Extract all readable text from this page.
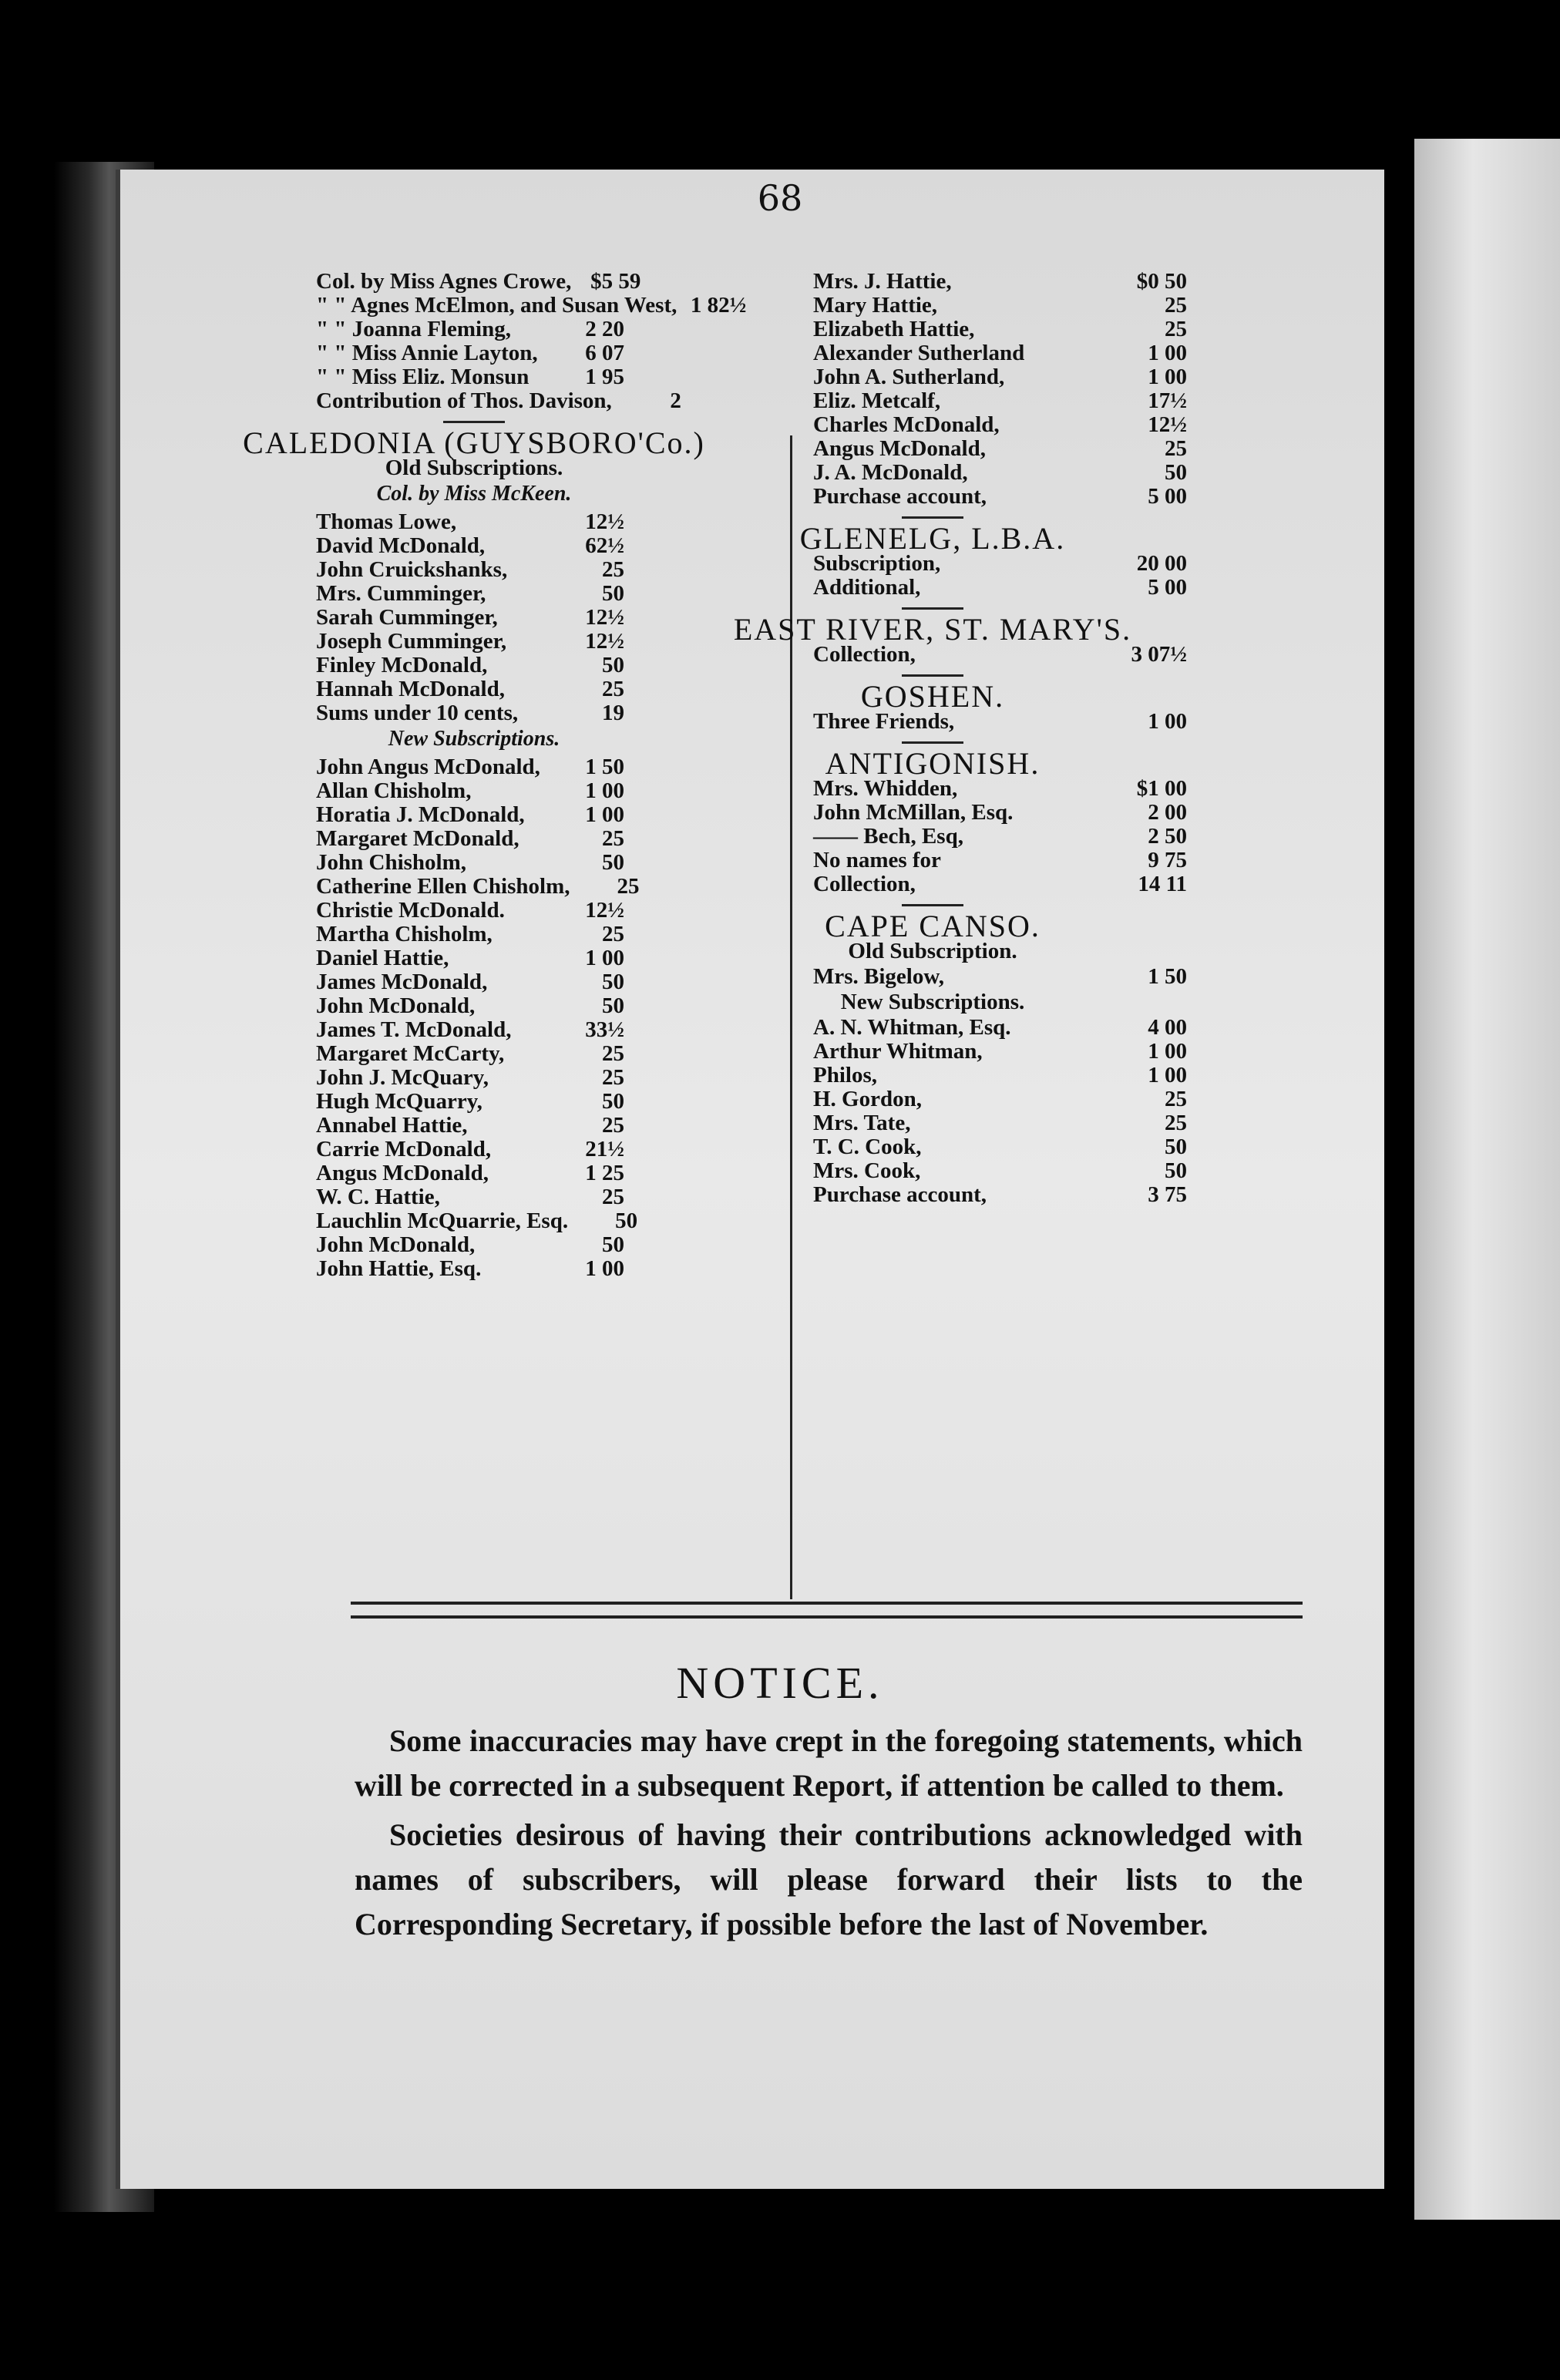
68
Col. by Miss Agnes Crowe, $5 59
" " Agnes McElmon, and Susan West, 1 82½
" " Joanna Fleming,	2 20
" " Miss Annie Layton,	6 07
" " Miss Eliz. Monsun	1 95
Contribution of Thos. Davison,	2
CALEDONIA (GUYSBORO'Co.)
Old Subscriptions.
Col. by Miss McKeen.
Thomas Lowe,	12½
David McDonald,	62½
John Cruickshanks,	25
Mrs. Cumminger,	50
Sarah Cumminger,	12½
Joseph Cumminger,	12½
Finley McDonald,	50
Hannah McDonald,	25
Sums under 10 cents,	19
New Subscriptions.
John Angus McDonald,	1 50
Allan Chisholm,	1 00
Horatia J. McDonald,	1 00
Margaret McDonald,	25
John Chisholm,	50
Catherine Ellen Chisholm,	25
Christie McDonald.	12½
Martha Chisholm,	25
Daniel Hattie,	1 00
James McDonald,	50
John McDonald,	50
James T. McDonald,	33½
Margaret McCarty,	25
John J. McQuary,	25
Hugh McQuarry,	50
Annabel Hattie,	25
Carrie McDonald,	21½
Angus McDonald,	1 25
W. C. Hattie,	25
Lauchlin McQuarrie, Esq.	50
John McDonald,	50
John Hattie, Esq.	1 00
Mrs. J. Hattie,	$0 50
Mary Hattie,	25
Elizabeth Hattie,	25
Alexander Sutherland	1 00
John A. Sutherland,	1 00
Eliz. Metcalf,	17½
Charles McDonald,	12½
Angus McDonald,	25
J. A. McDonald,	50
Purchase account,	5 00
GLENELG, L.B.A.
Subscription,	20 00
Additional,	5 00
EAST RIVER, ST. MARY'S.
Collection,	3 07½
GOSHEN.
Three Friends,	1 00
ANTIGONISH.
Mrs. Whidden,	$1 00
John McMillan, Esq.	2 00
—— Bech, Esq,	2 50
No names for	9 75
Collection,	14 11
CAPE CANSO.
Old Subscription.
Mrs. Bigelow,	1 50
New Subscriptions.
A. N. Whitman, Esq.	4 00
Arthur Whitman,	1 00
Philos,	1 00
H. Gordon,	25
Mrs. Tate,	25
T. C. Cook,	50
Mrs. Cook,	50
Purchase account,	3 75
NOTICE.

Some inaccuracies may have crept in the foregoing statements, which will be corrected in a subsequent Report, if attention be called to them.

Societies desirous of having their contributions acknowledged with names of subscribers, will please forward their lists to the Corresponding Secretary, if possible before the last of November.
